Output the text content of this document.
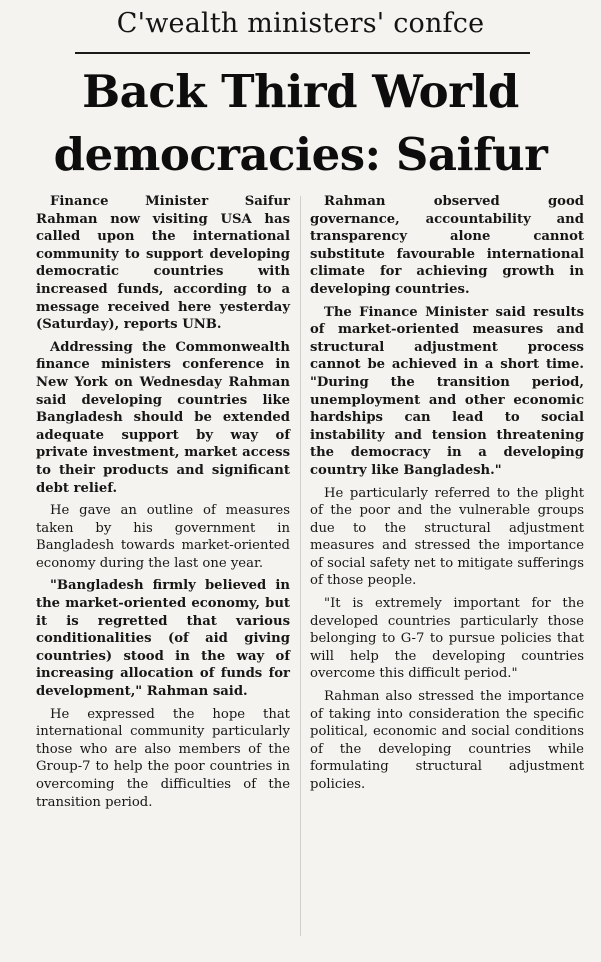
C'wealth ministers' confce
Back Third World
democracies: Saifur

Finance Minister Saifur Rahman now visiting USA has called upon the international community to support developing democratic countries with increased funds, according to a message received here yesterday (Saturday), reports UNB.

Addressing the Commonwealth finance ministers conference in New York on Wednesday Rahman said developing countries like Bangladesh should be extended adequate support by way of private investment, market access to their products and significant debt relief.

He gave an outline of measures taken by his government in Bangladesh towards market-oriented economy during the last one year.

"Bangladesh firmly believed in the market-oriented economy, but it is regretted that various conditionalities (of aid giving countries) stood in the way of increasing allocation of funds for development," Rahman said.

He expressed the hope that international community particularly those who are also members of the Group-7 to help the poor countries in overcoming the difficulties of the transition period.

Rahman observed good governance, accountability and transparency alone cannot substitute favourable international climate for achieving growth in developing countries.

The Finance Minister said results of market-oriented measures and structural adjustment process cannot be achieved in a short time. "During the transition period, unemployment and other economic hardships can lead to social instability and tension threatening the democracy in a developing country like Bangladesh."

He particularly referred to the plight of the poor and the vulnerable groups due to the structural adjustment measures and stressed the importance of social safety net to mitigate sufferings of those people.

"It is extremely important for the developed countries particularly those belonging to G-7 to pursue policies that will help the developing countries overcome this difficult period."

Rahman also stressed the importance of taking into consideration the specific political, economic and social conditions of the developing countries while formulating structural adjustment policies.
